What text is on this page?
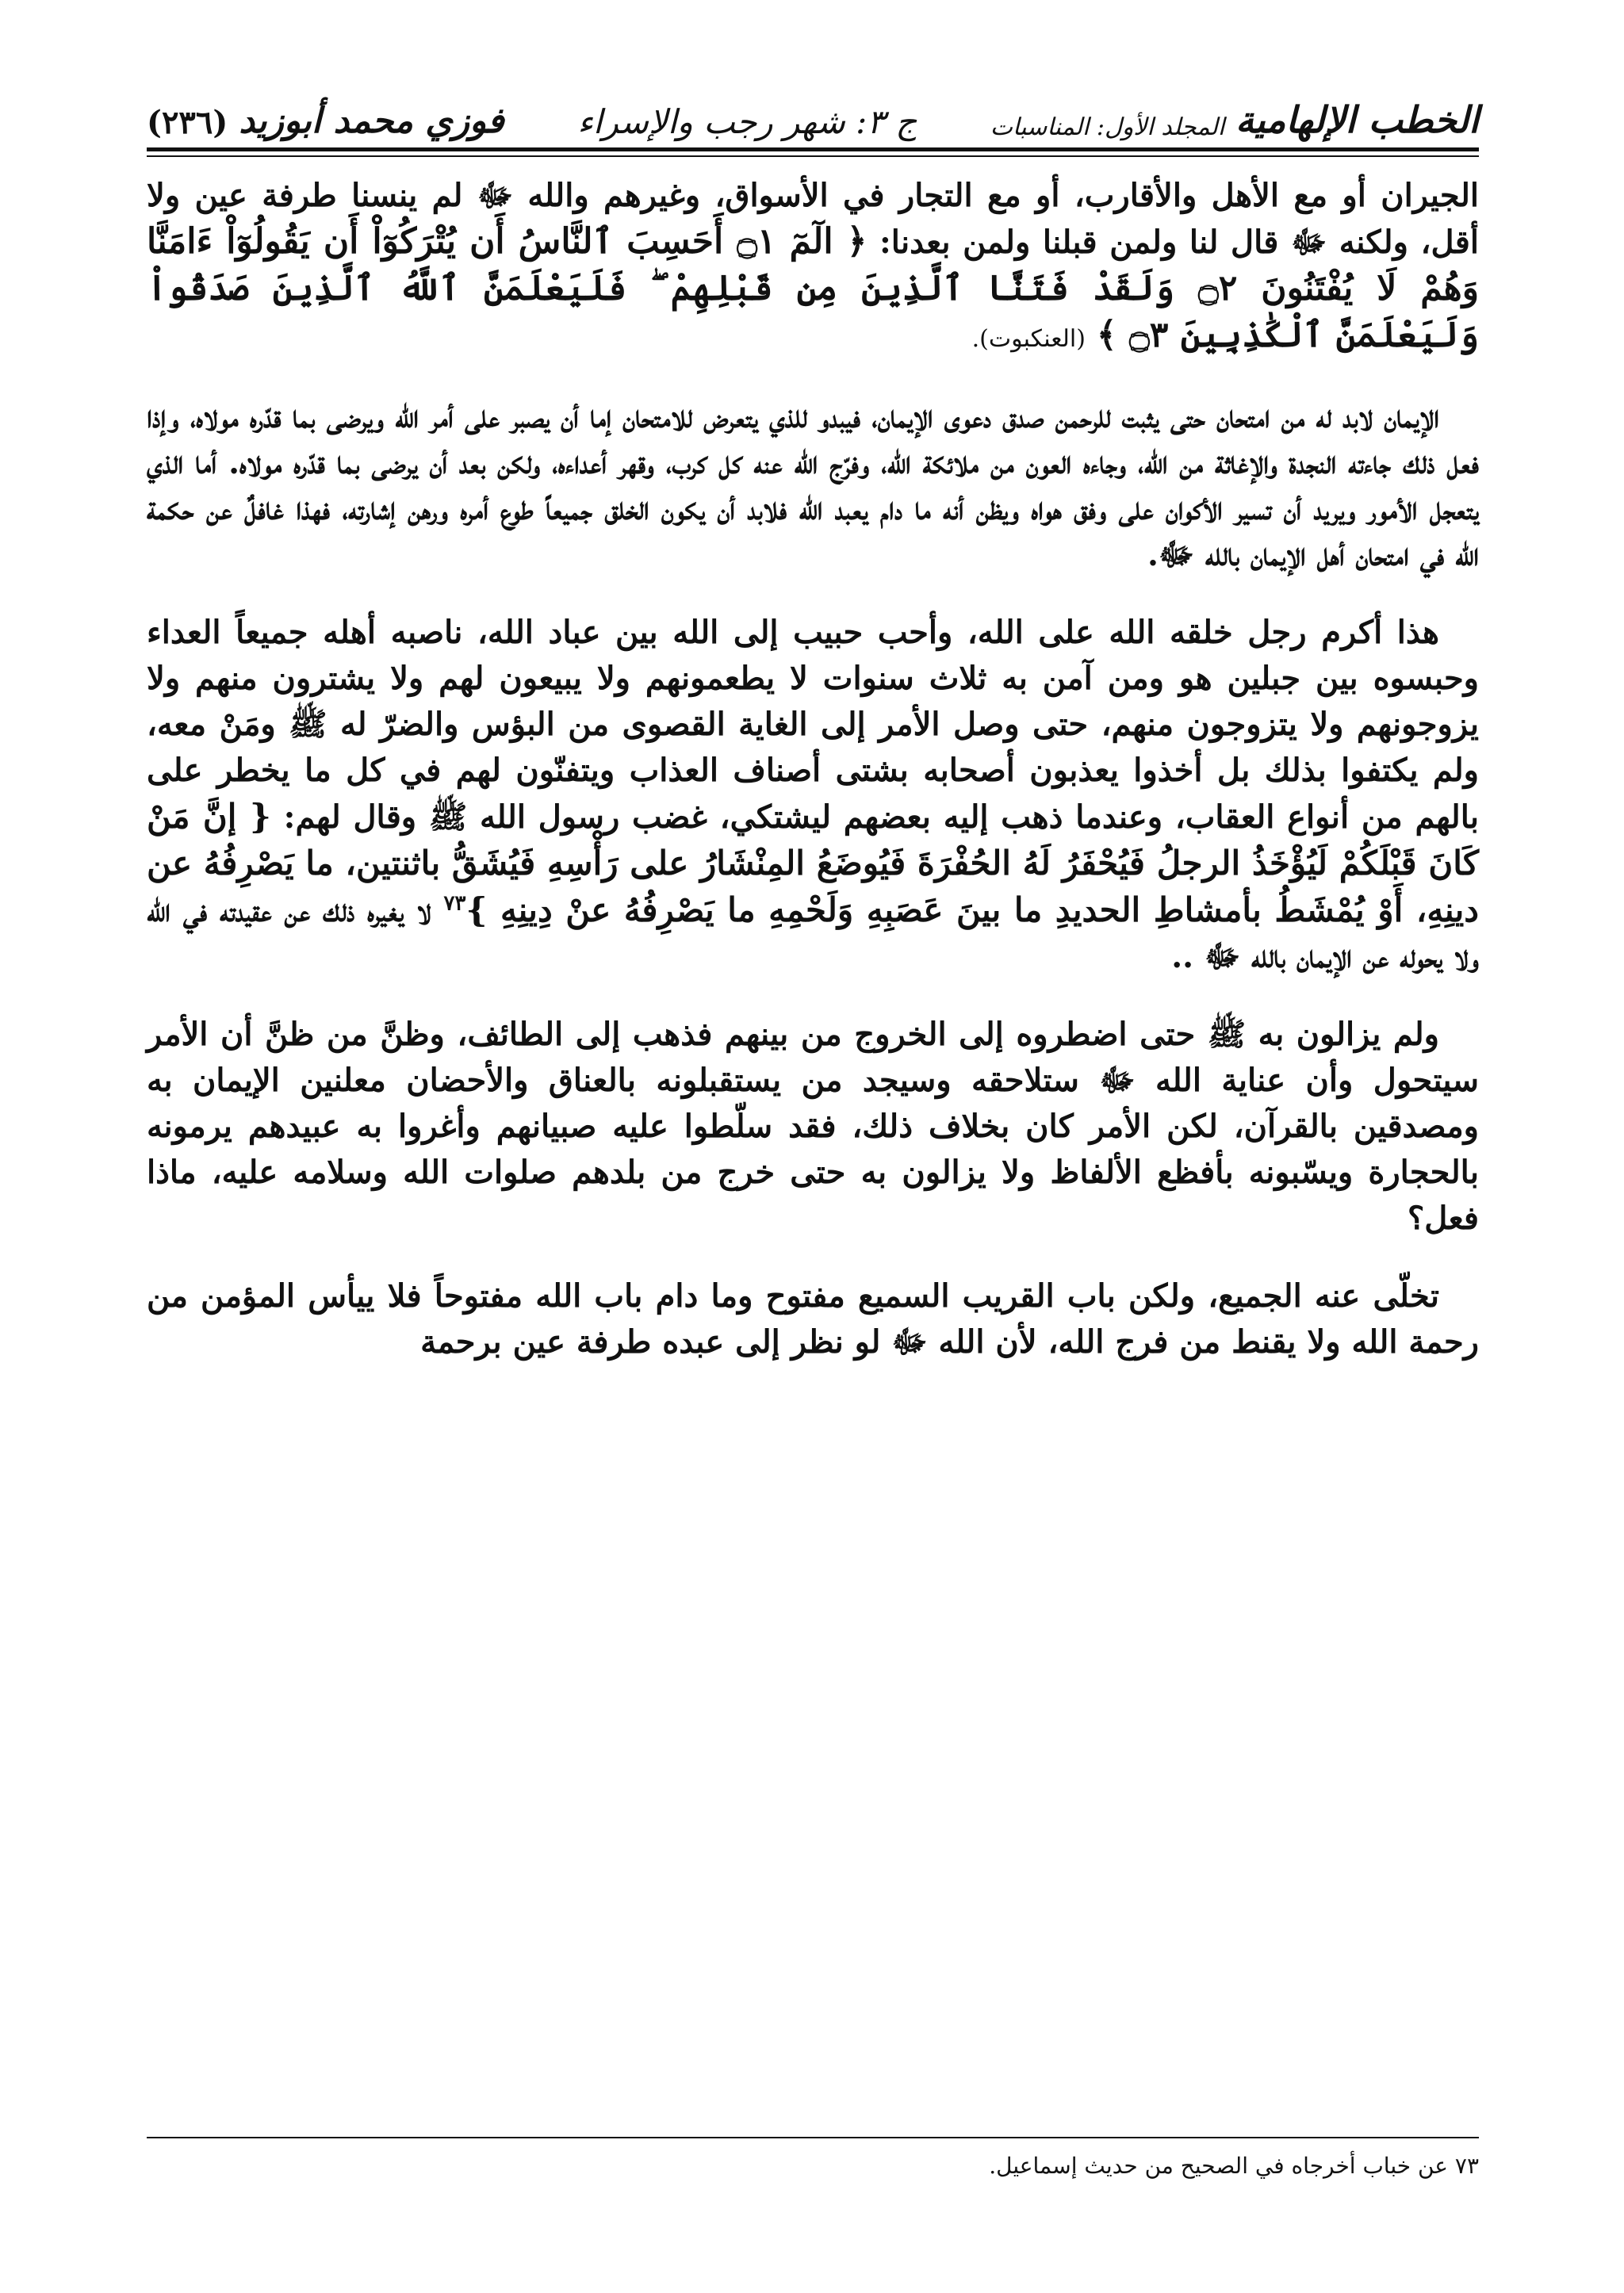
الخطب الإلهامية
المجلد الأول: المناسبات
ج ٣: شهر رجب والإسراء
فوزي محمد أبوزيد
(٢٣٦)

الجيران أو مع الأهل والأقارب، أو مع التجار في الأسواق، وغيرهم والله ﷻ لم ينسنا طرفة عين ولا أقل، ولكنه ﷻ قال لنا ولمن قبلنا ولمن بعدنا: ﴿ الٓمٓ ۝١ أَحَسِبَ ٱلنَّاسُ أَن يُتْرَكُوٓاْ أَن يَقُولُوٓاْ ءَامَنَّا وَهُمْ لَا يُفْتَنُونَ ۝٢ وَلَقَدْ فَتَنَّا ٱلَّذِينَ مِن قَبْلِهِمْ ۖ فَلَيَعْلَمَنَّ ٱللَّهُ ٱلَّذِينَ صَدَقُواْ وَلَيَعْلَمَنَّ ٱلْكَٰذِبِينَ ۝٣ ﴾ (العنكبوت).

الإيمان لابد له من امتحان حتى يثبت للرحمن صدق دعوى الإيمان، فيبدو للذي يتعرض للامتحان إما أن يصبر على أمر الله ويرضى بما قدّره مولاه، وإذا فعل ذلك جاءته النجدة والإغاثة من الله، وجاءه العون من ملائكة الله، وفرّج الله عنه كل كرب، وقهر أعداءه، ولكن بعد أن يرضى بما قدّره مولاه. أما الذي يتعجل الأمور ويريد أن تسير الأكوان على وفق هواه ويظن أنه ما دام يعبد الله فلابد أن يكون الخلق جميعاً طوع أمره ورهن إشارته، فهذا غافلٌ عن حكمة الله في امتحان أهل الإيمان بالله ﷻ.

هذا أكرم رجل خلقه الله على الله، وأحب حبيب إلى الله بين عباد الله، ناصبه أهله جميعاً العداء وحبسوه بين جبلين هو ومن آمن به ثلاث سنوات لا يطعمونهم ولا يبيعون لهم ولا يشترون منهم ولا يزوجونهم ولا يتزوجون منهم، حتى وصل الأمر إلى الغاية القصوى من البؤس والضرّ له ﷺ ومَنْ معه، ولم يكتفوا بذلك بل أخذوا يعذبون أصحابه بشتى أصناف العذاب ويتفنّون لهم في كل ما يخطر على بالهم من أنواع العقاب، وعندما ذهب إليه بعضهم ليشتكي، غضب رسول الله ﷺ وقال لهم: { إنَّ مَنْ كَانَ قَبْلَكُمْ لَيُؤْخَذُ الرجلُ فَيُحْفَرُ لَهُ الحُفْرَةَ فَيُوضَعُ المِنْشَارُ على رَأْسِهِ فَيُشَقُّ باثنتين، ما يَصْرِفُهُ عن دينِهِ، أَوْ يُمْشَطُ بأمشاطِ الحديدِ ما بينَ عَصَبِهِ وَلَحْمِهِ ما يَصْرِفُهُ عنْ دِينِهِ }$^{٧٣}$ لا يغيره ذلك عن عقيدته في الله ولا يحوله عن الإيمان بالله ﷻ ..

ولم يزالون به ﷺ حتى اضطروه إلى الخروج من بينهم فذهب إلى الطائف، وظنَّ من ظنَّ أن الأمر سيتحول وأن عناية الله ﷻ ستلاحقه وسيجد من يستقبلونه بالعناق والأحضان معلنين الإيمان به ومصدقين بالقرآن، لكن الأمر كان بخلاف ذلك، فقد سلّطوا عليه صبيانهم وأغروا به عبيدهم يرمونه بالحجارة ويسّبونه بأفظع الألفاظ ولا يزالون به حتى خرج من بلدهم صلوات الله وسلامه عليه، ماذا فعل؟

تخلّى عنه الجميع، ولكن باب القريب السميع مفتوح وما دام باب الله مفتوحاً فلا ييأس المؤمن من رحمة الله ولا يقنط من فرج الله، لأن الله ﷻ لو نظر إلى عبده طرفة عين برحمة

٧٣ عن خباب أخرجاه في الصحيح من حديث إسماعيل.
